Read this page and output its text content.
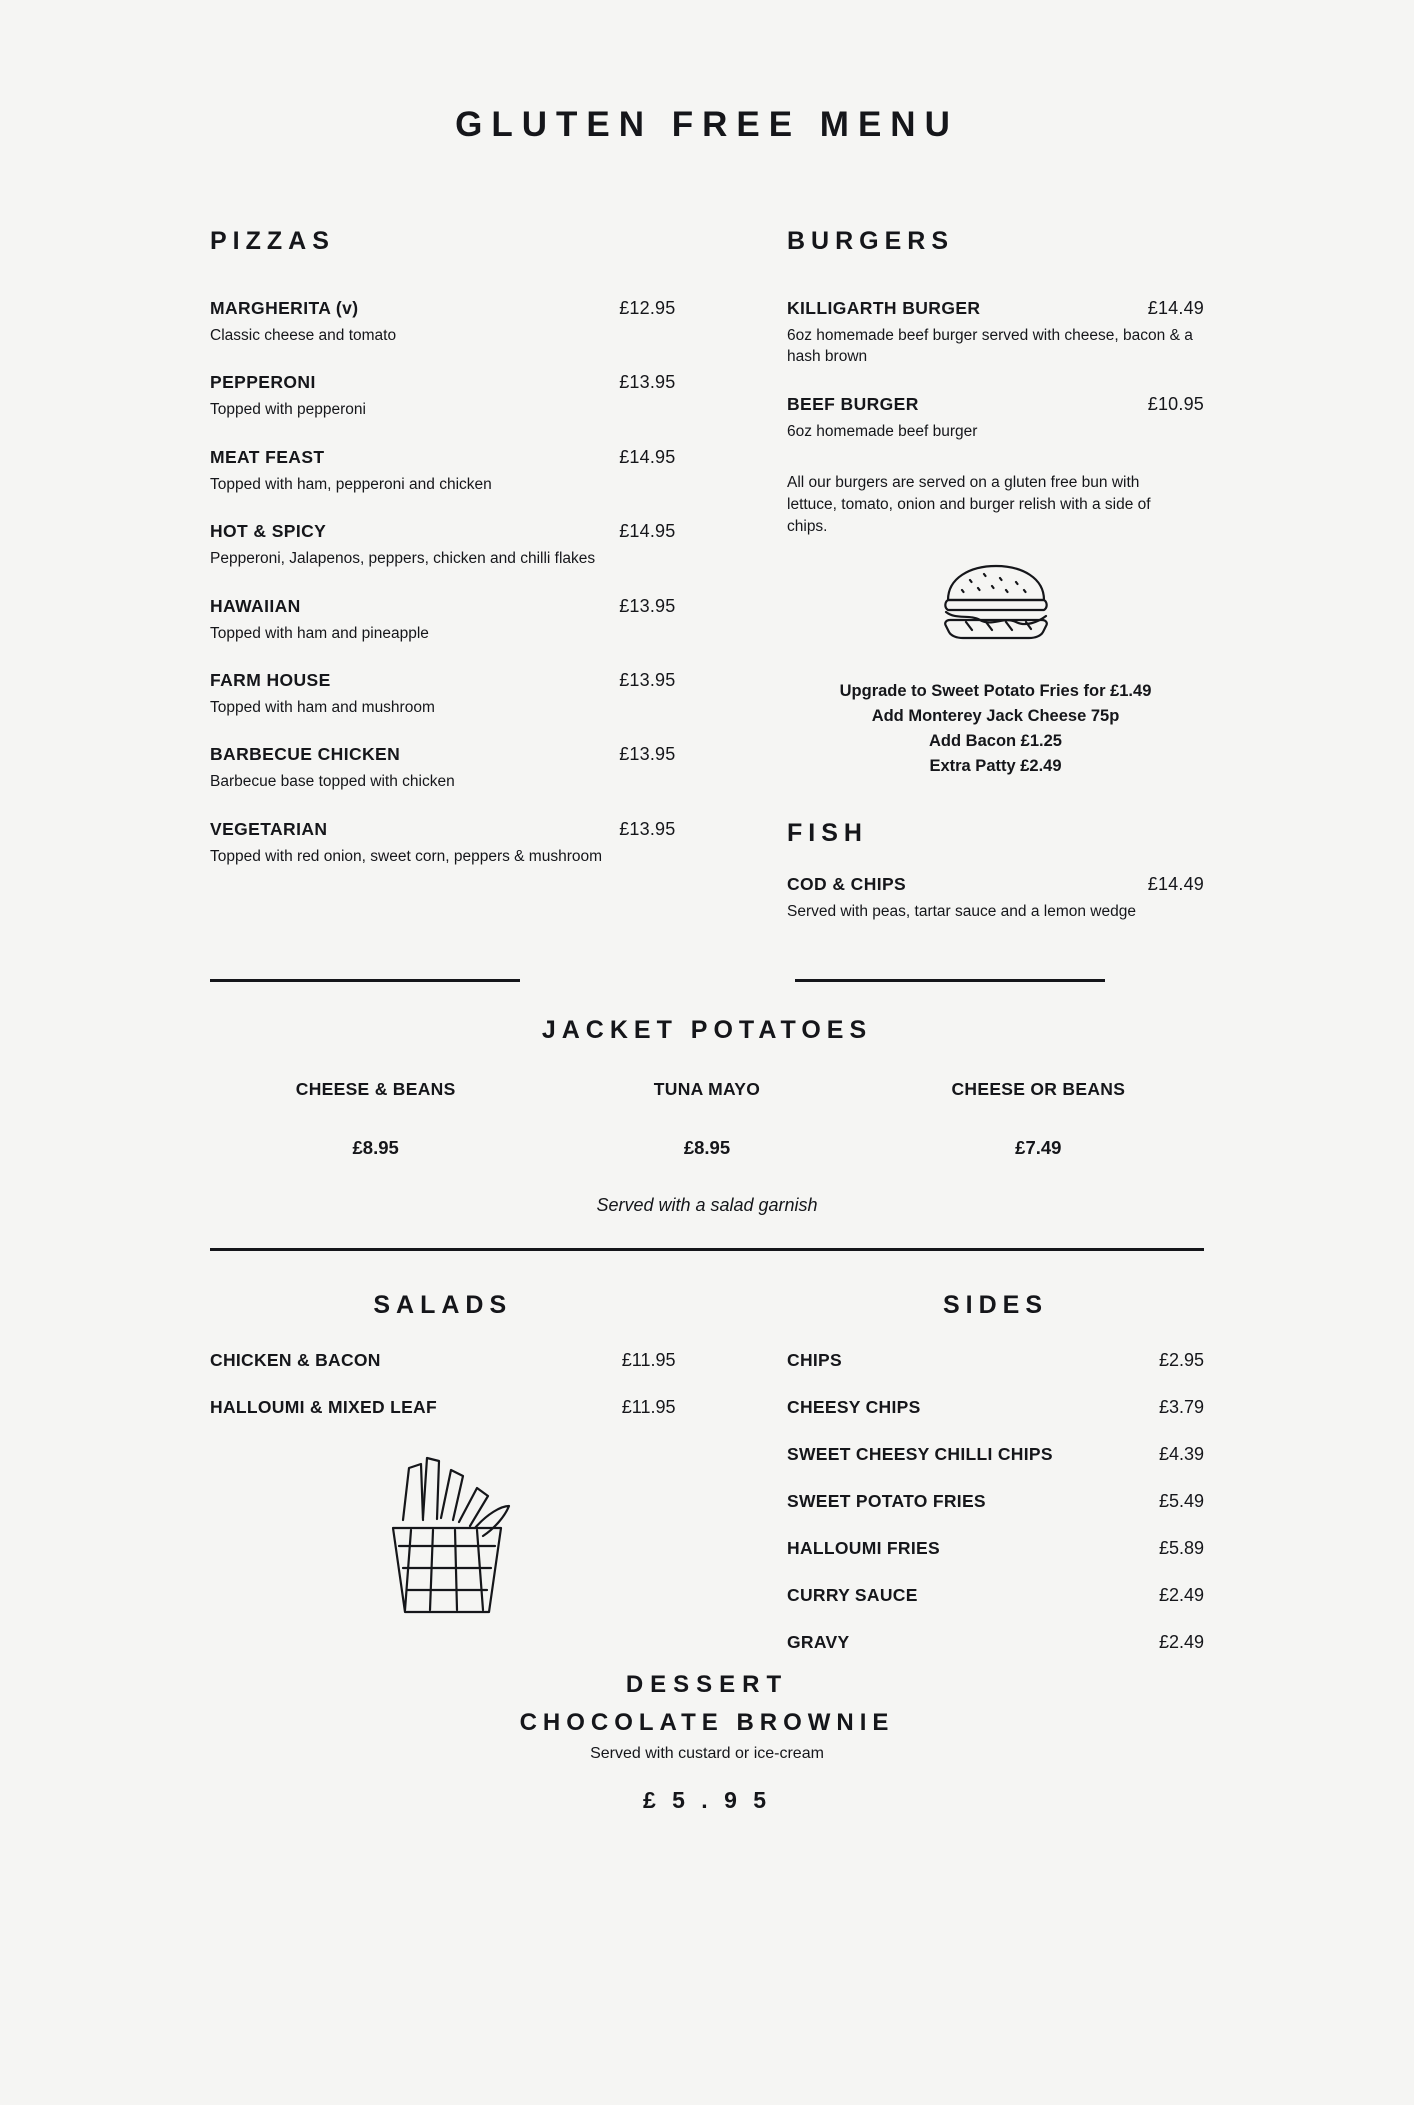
GLUTEN FREE MENU
PIZZAS
MARGHERITA (v)	£12.95
Classic cheese and tomato
PEPPERONI	£13.95
Topped with pepperoni
MEAT FEAST	£14.95
Topped with ham, pepperoni and chicken
HOT & SPICY	£14.95
Pepperoni, Jalapenos, peppers, chicken and chilli flakes
HAWAIIAN	£13.95
Topped with ham and pineapple
FARM HOUSE	£13.95
Topped with ham and mushroom
BARBECUE CHICKEN	£13.95
Barbecue base topped with chicken
VEGETARIAN	£13.95
Topped with red onion, sweet corn, peppers & mushroom
BURGERS
KILLIGARTH BURGER	£14.49
6oz homemade beef burger served with cheese, bacon & a hash brown
BEEF BURGER	£10.95
6oz homemade beef burger
All our burgers are served on a gluten free bun with lettuce, tomato, onion and burger relish with a side of chips.
Upgrade to Sweet Potato Fries for £1.49
Add Monterey Jack Cheese 75p
Add Bacon £1.25
Extra Patty £2.49
FISH
COD & CHIPS	£14.49
Served with peas, tartar sauce and a lemon wedge
JACKET POTATOES
CHEESE & BEANS
£8.95
TUNA MAYO
£8.95
CHEESE OR BEANS
£7.49
Served with a salad garnish
SALADS
CHICKEN & BACON	£11.95
HALLOUMI & MIXED LEAF	£11.95
SIDES
CHIPS	£2.95
CHEESY CHIPS	£3.79
SWEET CHEESY CHILLI CHIPS	£4.39
SWEET POTATO FRIES	£5.49
HALLOUMI FRIES	£5.89
CURRY SAUCE	£2.49
GRAVY	£2.49
DESSERT
CHOCOLATE BROWNIE
Served with custard or ice-cream
£ 5 . 9 5
